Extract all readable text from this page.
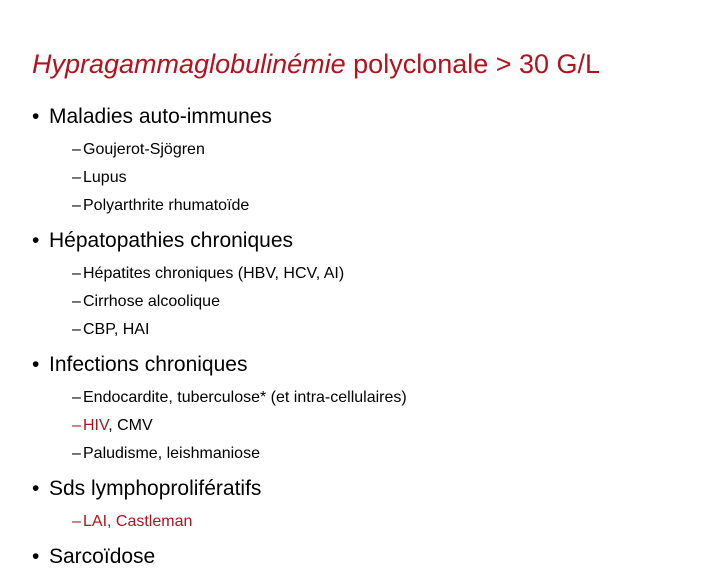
Hypragammaglobulinémie polyclonale > 30 G/L
• Maladies auto-immunes
– Goujerot-Sjögren
– Lupus
– Polyarthrite rhumatoïde
• Hépatopathies chroniques
– Hépatites chroniques (HBV, HCV, AI)
– Cirrhose alcoolique
– CBP, HAI
• Infections chroniques
– Endocardite, tuberculose* (et intra-cellulaires)
– HIV, CMV
– Paludisme, leishmaniose
• Sds lymphoprolifératifs
– LAI, Castleman
• Sarcoïdose
